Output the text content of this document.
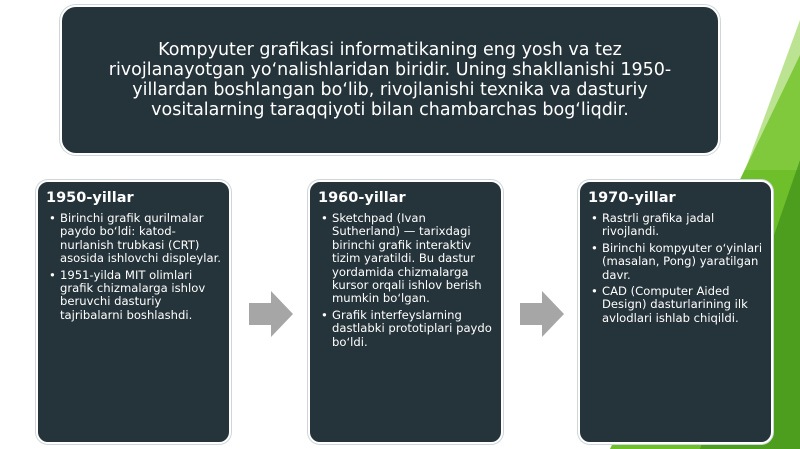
Kompyuter grafikasi informatikaning eng yosh va tez rivojlanayotgan yoʻnalishlaridan biridir. Uning shakllanishi 1950-yillardan boshlangan boʻlib, rivojlanishi texnika va dasturiy vositalarning taraqqiyoti bilan chambarchas bogʻliqdir.
1950-yillar
• Birinchi grafik qurilmalar paydo boʻldi: katod-nurlanish trubkasi (CRT) asosida ishlovchi displeylar.
• 1951-yilda MIT olimlari grafik chizmalarga ishlov beruvchi dasturiy tajribalarni boshlashdi.
1960-yillar
• Sketchpad (Ivan Sutherland) — tarixdagi birinchi grafik interaktiv tizim yaratildi. Bu dastur yordamida chizmalarga kursor orqali ishlov berish mumkin boʻlgan.
• Grafik interfeyslarning dastlabki prototiplari paydo boʻldi.
1970-yillar
• Rastrli grafika jadal rivojlandi.
• Birinchi kompyuter oʻyinlari (masalan, Pong) yaratilgan davr.
• CAD (Computer Aided Design) dasturlarining ilk avlodlari ishlab chiqildi.
